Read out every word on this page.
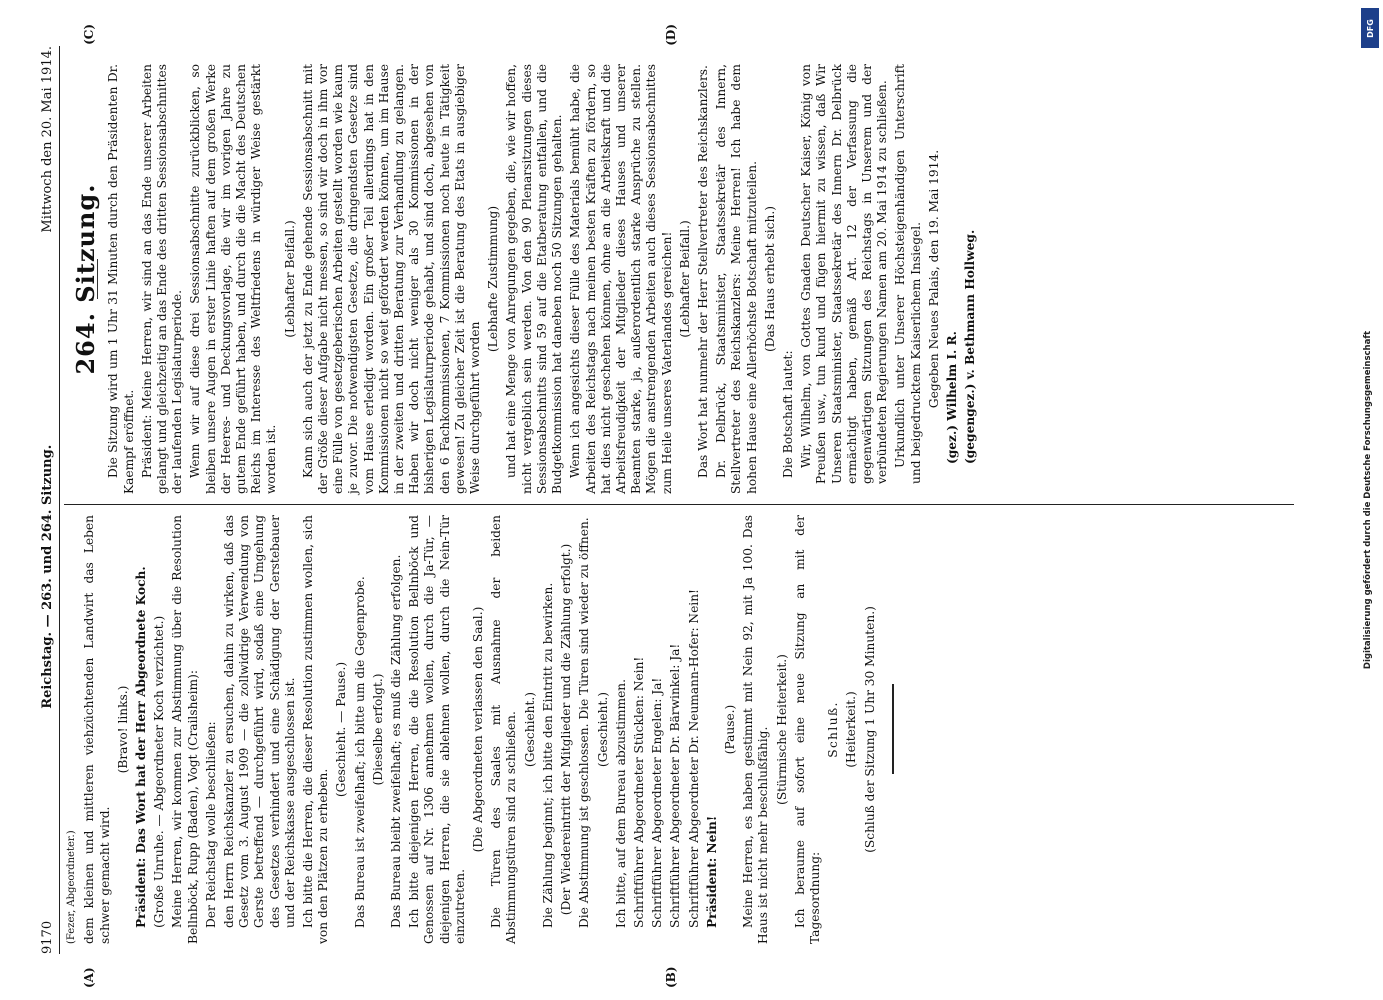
9170
Reichstag. — 263. und 264. Sitzung.
Mittwoch den 20. Mai 1914.
(A)	(B)

(Fezer, Abgeordneter.) dem kleinen und mittleren viehzüchtenden Landwirt das Leben schwer gemacht wird.

(Bravo! links.) Präsident: Das Wort hat der Herr Abgeordnete Koch. (Große Unruhe. — Abgeordneter Koch verzichtet.) Meine Herren, wir kommen zur Abstimmung über die Resolution Bellnböck, Rupp (Baden), Vogt (Crailsheim): Der Reichstag wolle beschließen: den Herrn Reichskanzler zu ersuchen, dahin zu wirken, daß das Gesetz vom 3. August 1909 — die zollwidrige Verwendung von Gerste betreffend — durchgeführt wird, sodaß eine Umgehung des Gesetzes verhindert und eine Schädigung der Gerstebauer und der Reichskasse ausgeschlossen ist. Ich bitte die Herren, die dieser Resolution zustimmen wollen, sich von den Plätzen zu erheben.

(Geschieht. — Pause.) Das Bureau ist zweifelhaft; ich bitte um die Gegenprobe. (Dieselbe erfolgt.) Das Bureau bleibt zweifelhaft; es muß die Zählung erfolgen. Ich bitte diejenigen Herren, die die Resolution Bellnböck und Genossen auf Nr. 1306 annehmen wollen, durch die Ja-Tür, — diejenigen Herren, die sie ablehnen wollen, durch die Nein-Tür einzutreten.

(Die Abgeordneten verlassen den Saal.) Die Türen des Saales mit Ausnahme der beiden Abstimmungstüren sind zu schließen. (Geschieht.) Die Zählung beginnt; ich bitte den Eintritt zu bewirken. (Der Wiedereintritt der Mitglieder und die Zählung erfolgt.) Die Abstimmung ist geschlossen. Die Türen sind wieder zu öffnen. (Geschieht.) Ich bitte, auf dem Bureau abzustimmen. Schriftführer Abgeordneter Stücklen: Nein! Schriftführer Abgeordneter Engelen: Ja! Schriftführer Abgeordneter Dr. Bärwinkel: Ja! Schriftführer Abgeordneter Dr. Neumann-Hofer: Nein! Präsident: Nein!

(Pause.) Meine Herren, es haben gestimmt mit Nein 92, mit Ja 100. Das Haus ist nicht mehr beschlußfähig. (Stürmische Heiterkeit.) Ich beraume auf sofort eine neue Sitzung an mit der Tagesordnung:

Schluß. (Heiterkeit.) (Schluß der Sitzung 1 Uhr 30 Minuten.)

(C)	(D)
264. Sitzung. Die Sitzung wird um 1 Uhr 31 Minuten durch den Präsidenten Dr. Kaempf eröffnet. Präsident: Meine Herren, wir sind an das Ende unserer Arbeiten gelangt und gleichzeitig an das Ende des dritten Sessionsabschnittes der laufenden Legislaturperiode. Wenn wir auf diese drei Sessionsabschnitte zurückblicken, so bleiben unsere Augen in erster Linie haften auf dem großen Werke der Heeres- und Deckungsvorlage, die wir im vorigen Jahre zu gutem Ende geführt haben, und durch die die Macht des Deutschen Reichs im Interesse des Weltfriedens in würdiger Weise gestärkt worden ist.

(Lebhafter Beifall.) Kann sich auch der jetzt zu Ende gehende Sessionsabschnitt mit der Größe dieser Aufgabe nicht messen, so sind wir doch in ihm vor eine Fülle von gesetzgeberischen Arbeiten gestellt worden wie kaum je zuvor. Die notwendigsten Gesetze, die dringendsten Gesetze sind vom Hause erledigt worden. Ein großer Teil allerdings hat in den Kommissionen nicht so weit gefördert werden können, um im Hause in der zweiten und dritten Beratung zur Verhandlung zu gelangen. Haben wir doch nicht weniger als 30 Kommissionen in der bisherigen Legislaturperiode gehabt, und sind doch, abgesehen von den 6 Fachkommissionen, 7 Kommissionen noch heute in Tätigkeit gewesen! Zu gleicher Zeit ist die Beratung des Etats in ausgiebiger Weise durchgeführt worden

(Lebhafte Zustimmung) und hat eine Menge von Anregungen gegeben, die, wie wir hoffen, nicht vergeblich sein werden. Von den 90 Plenarsitzungen dieses Sessionsabschnitts sind 59 auf die Etatberatung entfallen, und die Budgetkommission hat daneben noch 50 Sitzungen gehalten. Wenn ich angesichts dieser Fülle des Materials bemüht habe, die Arbeiten des Reichstags nach meinen besten Kräften zu fördern, so hat dies nicht geschehen können, ohne an die Arbeitskraft und die Arbeitsfreudigkeit der Mitglieder dieses Hauses und unserer Beamten starke, ja, außerordentlich starke Ansprüche zu stellen. Mögen die anstrengenden Arbeiten auch dieses Sessionsabschnittes zum Heile unseres Vaterlandes gereichen! (Lebhafter Beifall.) Das Wort hat nunmehr der Herr Stellvertreter des Reichskanzlers. Dr. Delbrück, Staatsminister, Staatssekretär des Innern, Stellvertreter des Reichskanzlers: Meine Herren! Ich habe dem hohen Hause eine Allerhöchste Botschaft mitzuteilen. (Das Haus erhebt sich.)

Die Botschaft lautet: Wir, Wilhelm, von Gottes Gnaden Deutscher Kaiser, König von Preußen usw., tun kund und fügen hiermit zu wissen, daß Wir Unseren Staatsminister, Staatssekretär des Innern Dr. Delbrück ermächtigt haben, gemäß Art. 12 der Verfassung die gegenwärtigen Sitzungen des Reichstags in Unserem und der verbündeten Regierungen Namen am 20. Mai 1914 zu schließen. Urkundlich unter Unserer Höchsteigenhändigen Unterschrift und beigedrucktem Kaiserlichem Insiegel. Gegeben Neues Palais, den 19. Mai 1914. (gez.) Wilhelm I. R. (gegengez.) v. Bethmann Hollweg.	Digitalisierung gefördert durch die Deutsche Forschungsgemeinschaft
DFG
